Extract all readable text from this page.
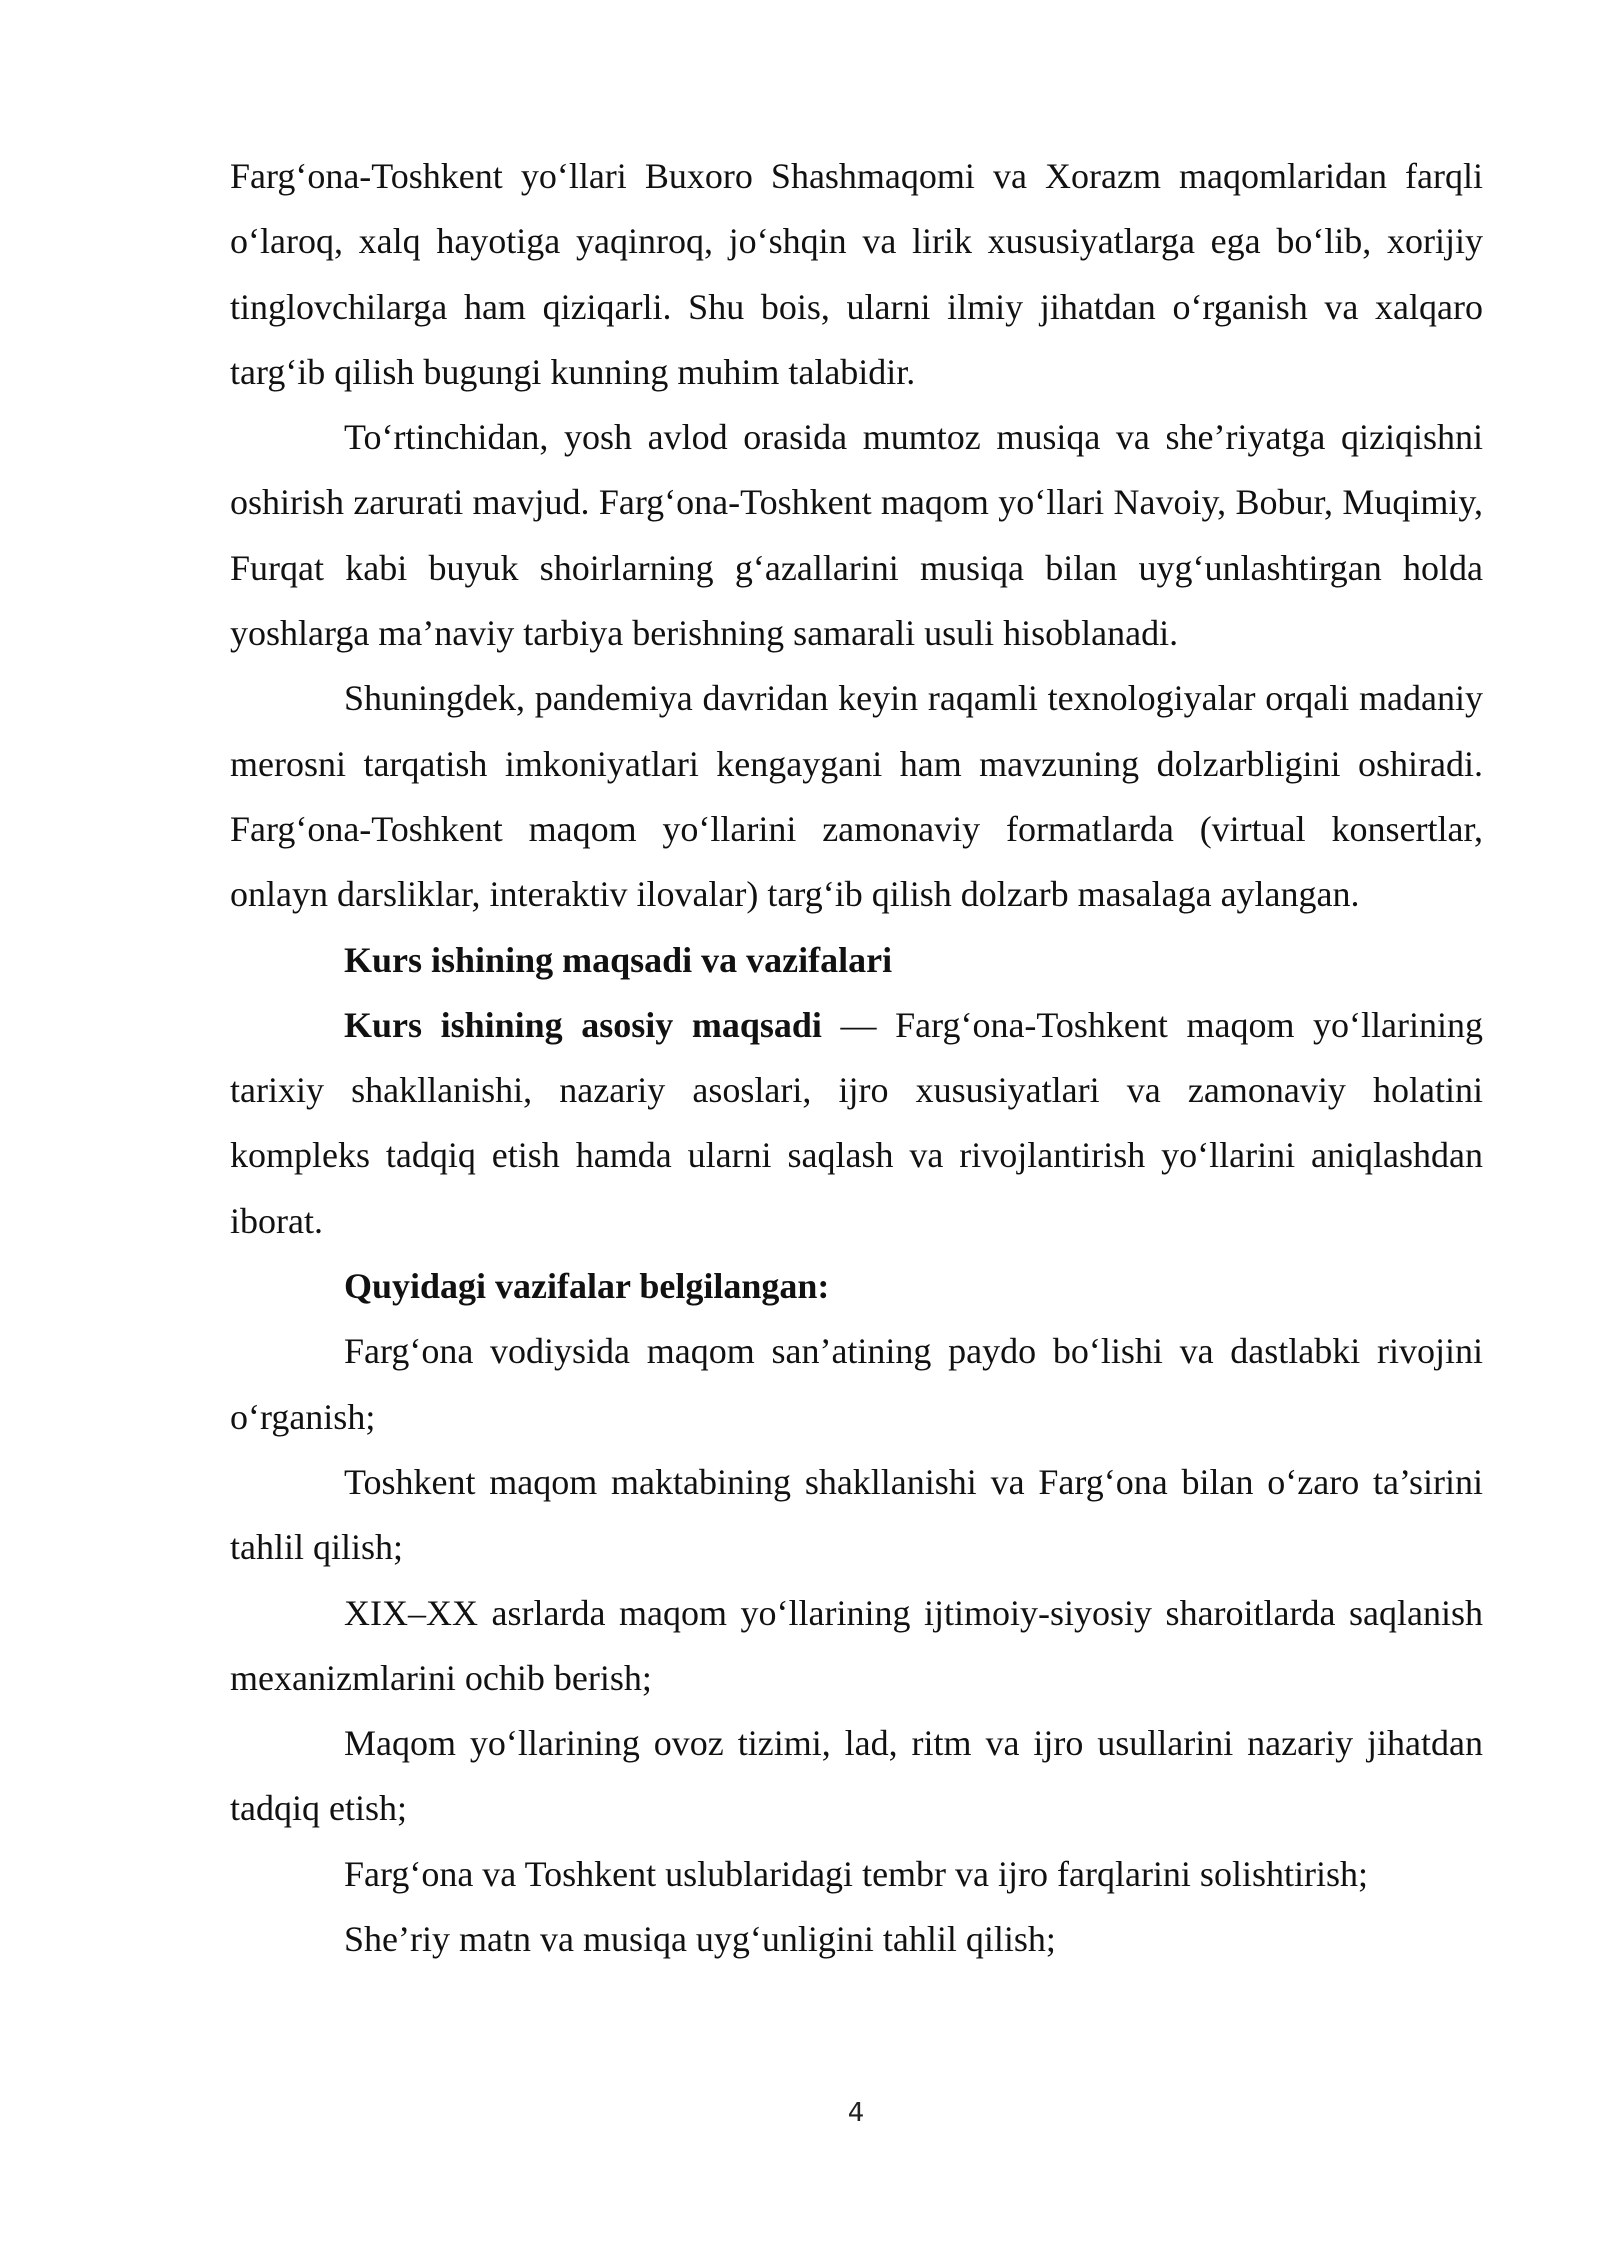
Farg‘ona-Toshkent yo‘llari Buxoro Shashmaqomi va Xorazm maqomlaridan farqli o‘laroq, xalq hayotiga yaqinroq, jo‘shqin va lirik xususiyatlarga ega bo‘lib, xorijiy tinglovchilarga ham qiziqarli. Shu bois, ularni ilmiy jihatdan o‘rganish va xalqaro targ‘ib qilish bugungi kunning muhim talabidir.

To‘rtinchidan, yosh avlod orasida mumtoz musiqa va she’riyatga qiziqishni oshirish zarurati mavjud. Farg‘ona-Toshkent maqom yo‘llari Navoiy, Bobur, Muqimiy, Furqat kabi buyuk shoirlarning g‘azallarini musiqa bilan uyg‘unlashtirgan holda yoshlarga ma’naviy tarbiya berishning samarali usuli hisoblanadi.

Shuningdek, pandemiya davridan keyin raqamli texnologiyalar orqali madaniy merosni tarqatish imkoniyatlari kengaygani ham mavzuning dolzarbligini oshiradi. Farg‘ona-Toshkent maqom yo‘llarini zamonaviy formatlarda (virtual konsertlar, onlayn darsliklar, interaktiv ilovalar) targ‘ib qilish dolzarb masalaga aylangan.

Kurs ishining maqsadi va vazifalari

Kurs ishining asosiy maqsadi — Farg‘ona-Toshkent maqom yo‘llarining tarixiy shakllanishi, nazariy asoslari, ijro xususiyatlari va zamonaviy holatini kompleks tadqiq etish hamda ularni saqlash va rivojlantirish yo‘llarini aniqlashdan iborat.

Quyidagi vazifalar belgilangan:

Farg‘ona vodiysida maqom san’atining paydo bo‘lishi va dastlabki rivojini o‘rganish;

Toshkent maqom maktabining shakllanishi va Farg‘ona bilan o‘zaro ta’sirini tahlil qilish;

XIX–XX asrlarda maqom yo‘llarining ijtimoiy-siyosiy sharoitlarda saqlanish mexanizmlarini ochib berish;

Maqom yo‘llarining ovoz tizimi, lad, ritm va ijro usullarini nazariy jihatdan tadqiq etish;

Farg‘ona va Toshkent uslublaridagi tembr va ijro farqlarini solishtirish;

She’riy matn va musiqa uyg‘unligini tahlil qilish;

4
